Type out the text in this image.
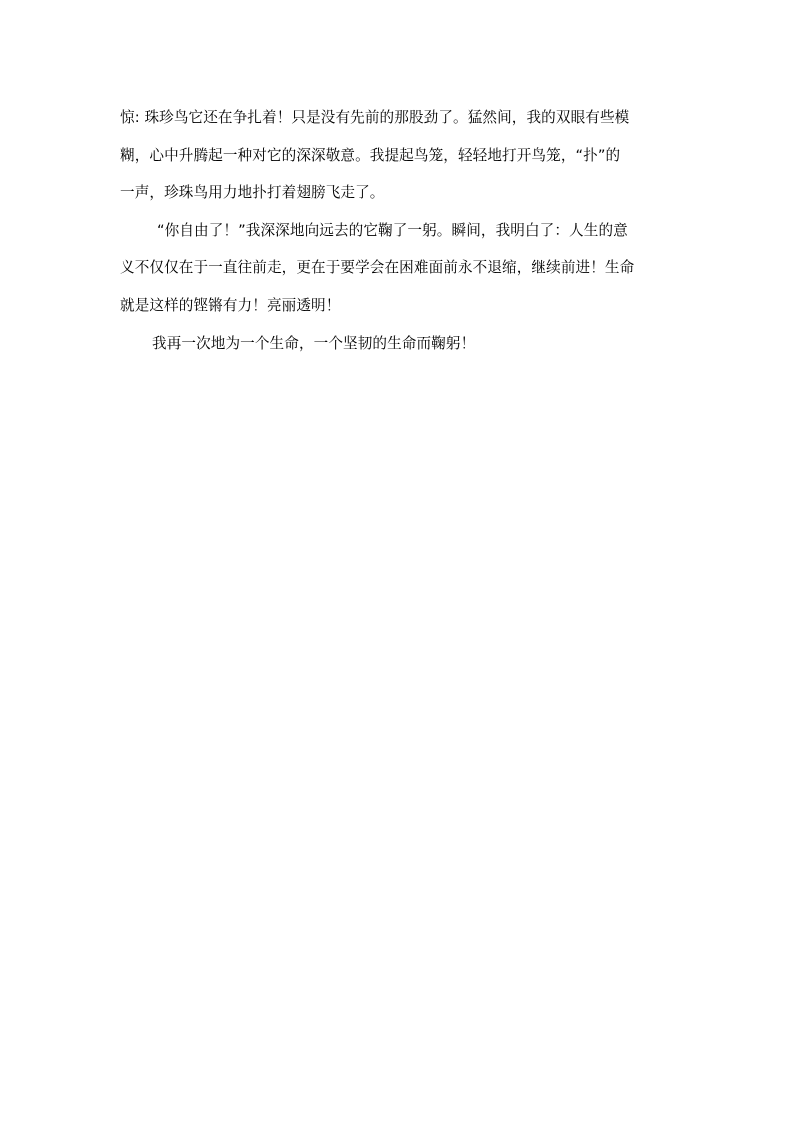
惊: 珠珍鸟它还在争扎着！只是没有先前的那股劲了。猛然间，我的双眼有些模
糊，心中升腾起一种对它的深深敬意。我提起鸟笼，轻轻地打开鸟笼，“扑”的
一声，珍珠鸟用力地扑打着翅膀飞走了。
“你自由了！”我深深地向远去的它鞠了一躬。瞬间，我明白了：人生的意
义不仅仅在于一直往前走，更在于要学会在困难面前永不退缩，继续前进！生命
就是这样的铿锵有力！亮丽透明！
我再一次地为一个生命，一个坚韧的生命而鞠躬！
